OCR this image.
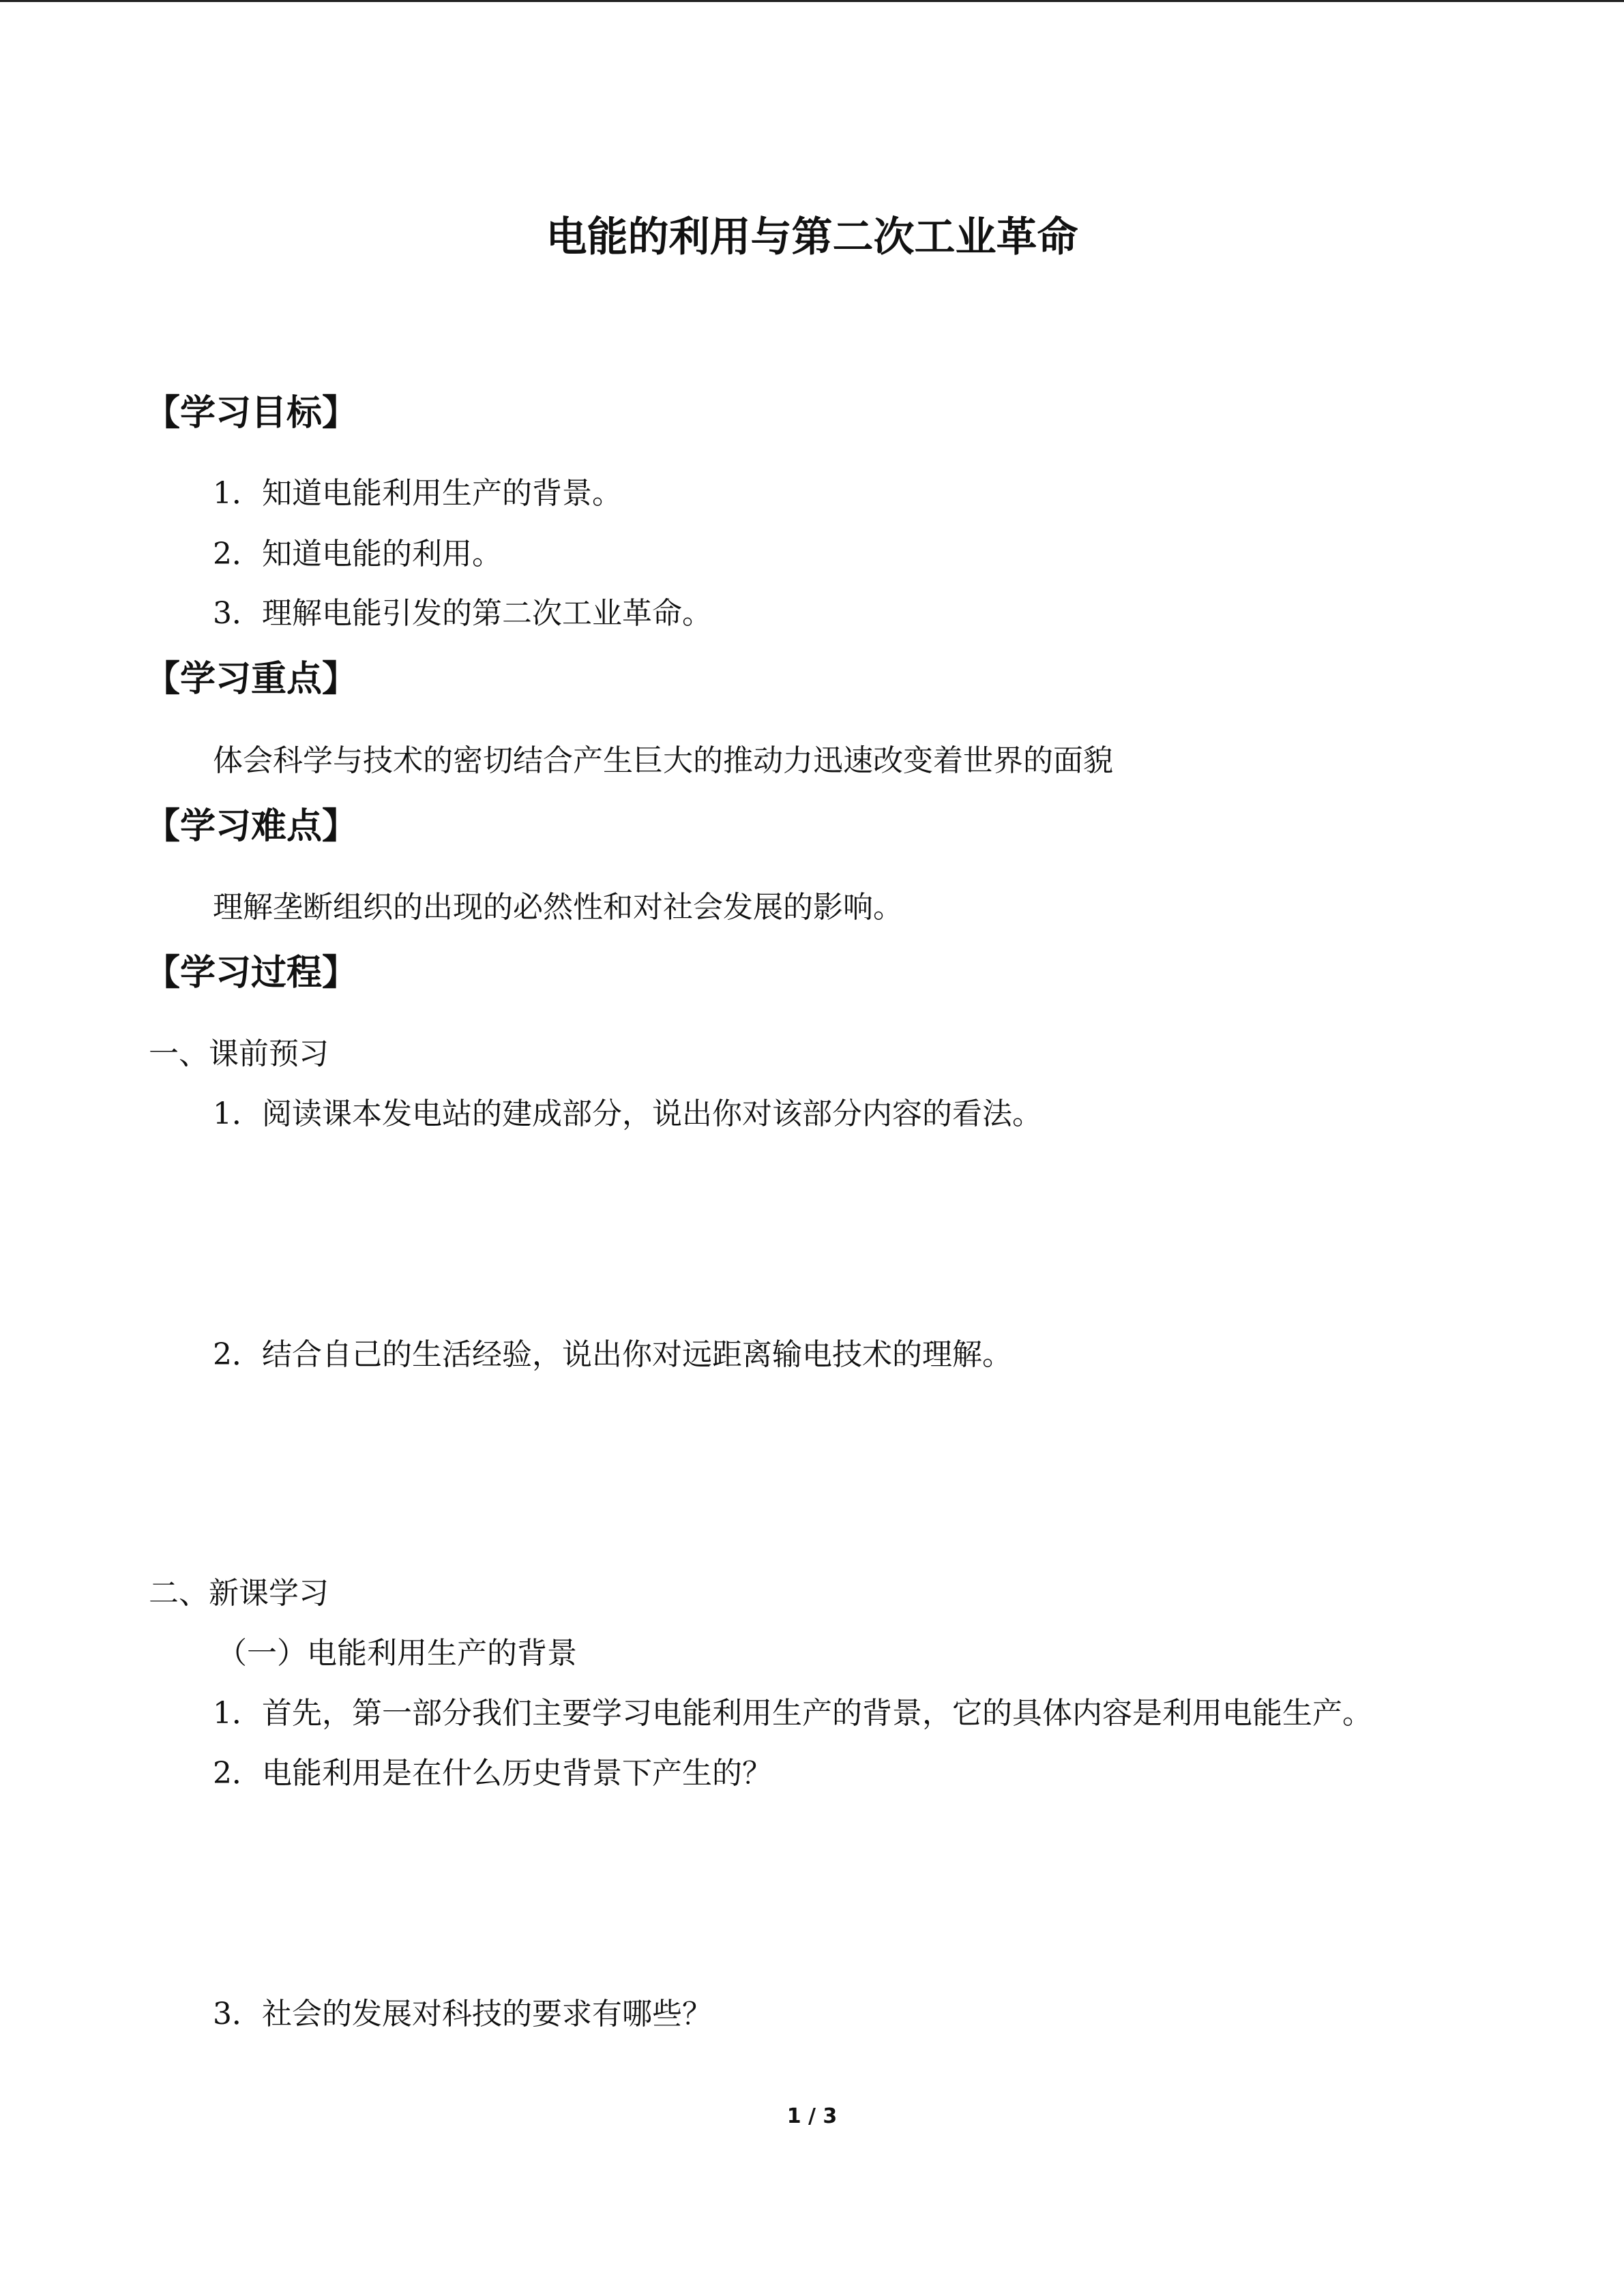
电能的利用与第二次工业革命
【学习目标】
1．知道电能利用生产的背景。
2．知道电能的利用。
3．理解电能引发的第二次工业革命。
【学习重点】
体会科学与技术的密切结合产生巨大的推动力迅速改变着世界的面貌
【学习难点】
理解垄断组织的出现的必然性和对社会发展的影响。
【学习过程】
一、课前预习
1．阅读课本发电站的建成部分，说出你对该部分内容的看法。
2．结合自己的生活经验，说出你对远距离输电技术的理解。
二、新课学习
（一）电能利用生产的背景
1．首先，第一部分我们主要学习电能利用生产的背景，它的具体内容是利用电能生产。
2．电能利用是在什么历史背景下产生的？
3．社会的发展对科技的要求有哪些？
1 / 3
